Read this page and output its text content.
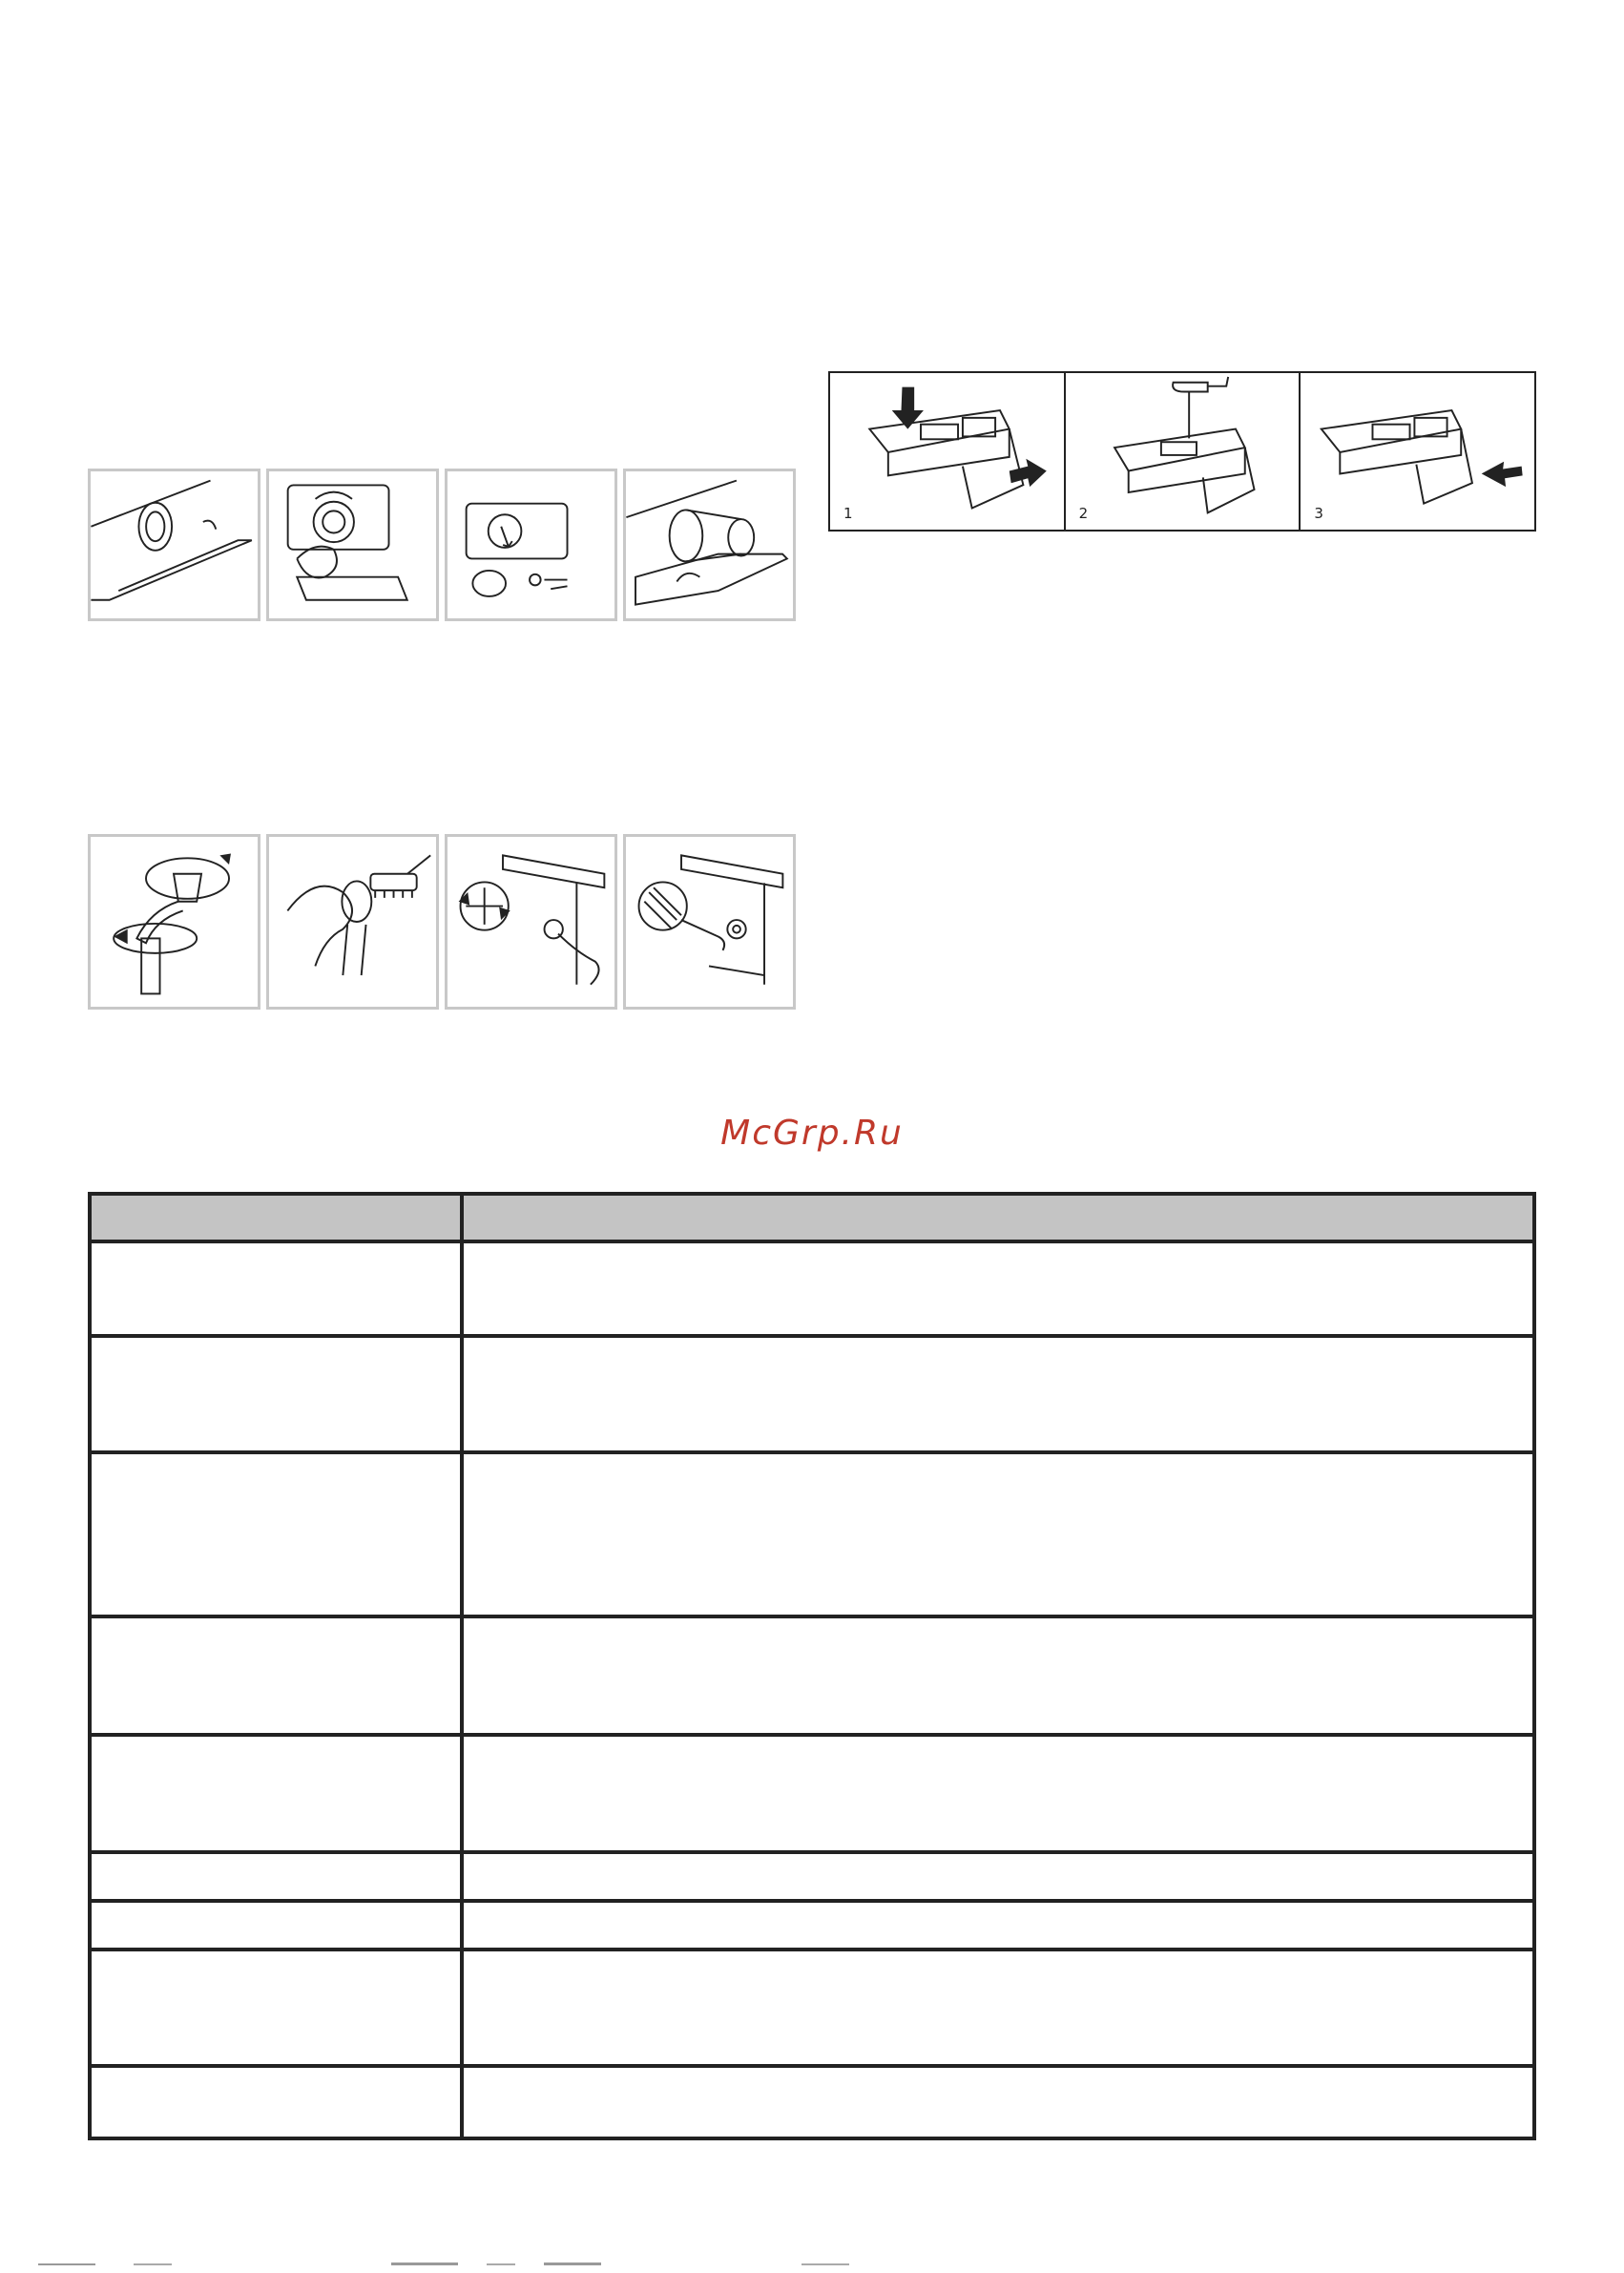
1	2	3
McGrp.Ru
